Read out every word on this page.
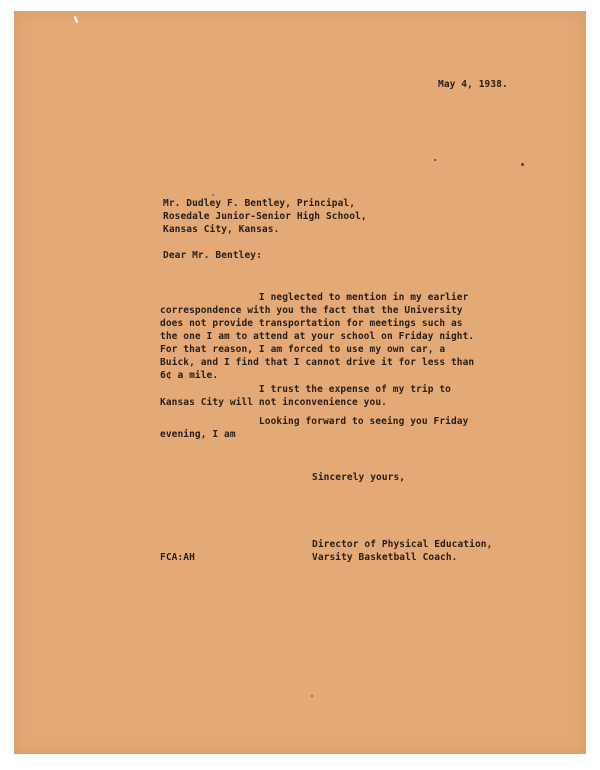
May 4, 1938.
Mr. Dudley F. Bentley, Principal,
Rosedale Junior-Senior High School,
Kansas City, Kansas.
Dear Mr. Bentley:
I neglected to mention in my earlier
correspondence with you the fact that the University
does not provide transportation for meetings such as
the one I am to attend at your school on Friday night.
For that reason, I am forced to use my own car, a
Buick, and I find that I cannot drive it for less than
6¢ a mile.
I trust the expense of my trip to
Kansas City will not inconvenience you.
Looking forward to seeing you Friday
evening, I am
Sincerely yours,
Director of Physical Education,
Varsity Basketball Coach.
FCA:AH
